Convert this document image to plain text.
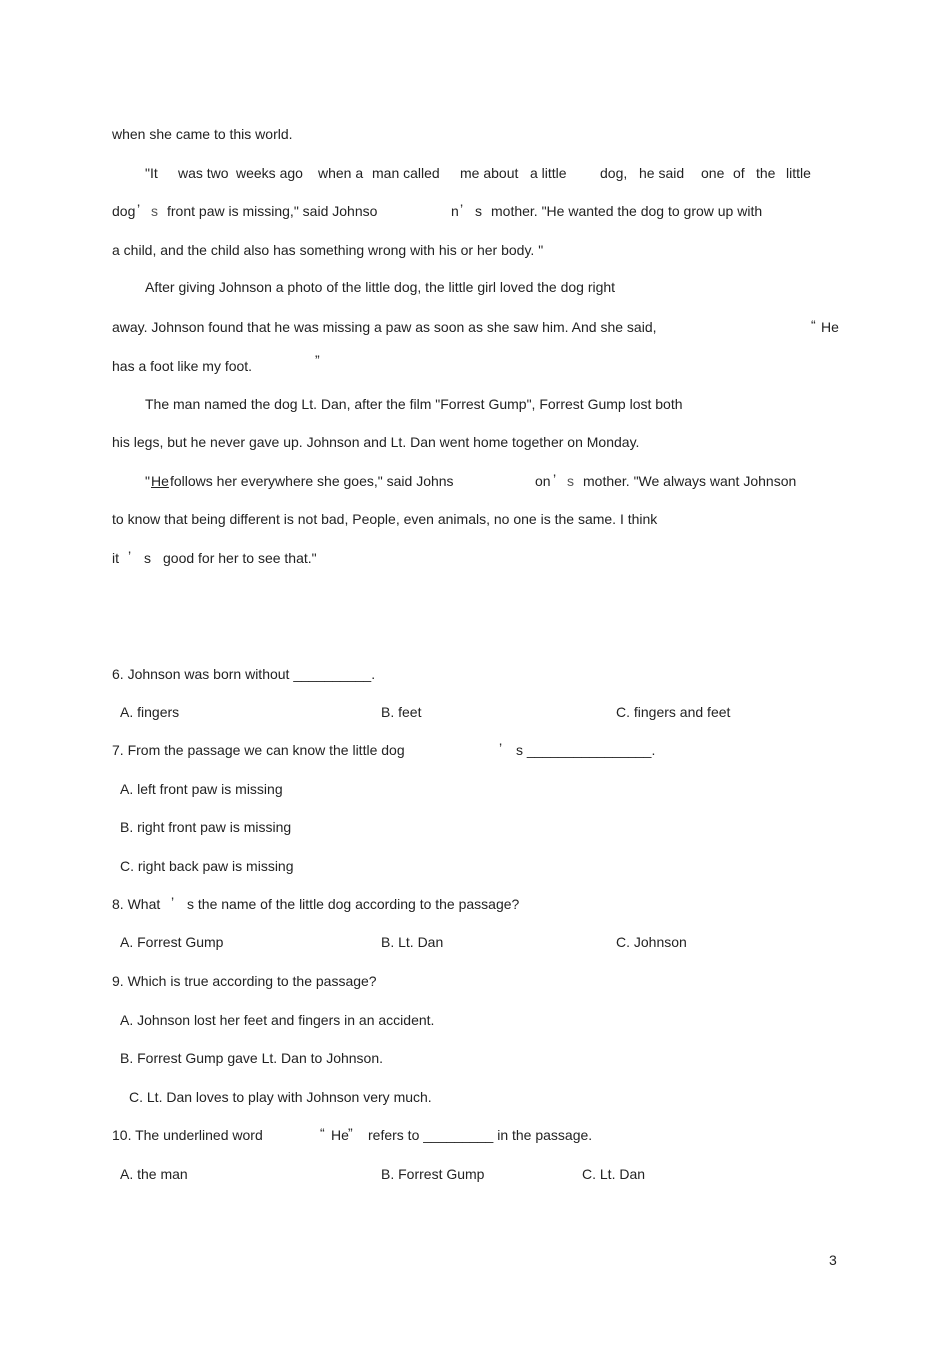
when she came to this world.
"It was two weeks ago when a man called me about a little dog, he said one of the little
dog ’ s front paw is missing," said Johnso	n ’ s mother. "He wanted the dog to grow up with
a child, and the child also has something wrong with his or her body. "
After giving Johnson a photo of the little dog, the little girl loved the dog right
away. Johnson found that he was missing a paw as soon as she saw him. And she said,	“ He
has a foot like my foot.	”
The man named the dog Lt. Dan, after the film "Forrest Gump", Forrest Gump lost both
his legs, but he never gave up. Johnson and Lt. Dan went home together on Monday.
" He follows her everywhere she goes," said Johns	on ’ s mother. "We always want Johnson
to know that being different is not bad, People, even animals, no one is the same. I think
it ’ s good for her to see that."
6. Johnson was born without __________.
A. fingers	B. feet	C. fingers and feet
7. From the passage we can know the little dog	’ s ________________.
A. left front paw is missing
B. right front paw is missing
C. right back paw is missing
8. What ’ s the name of the little dog according to the passage?
A. Forrest Gump	B. Lt. Dan	C. Johnson
9. Which is true according to the passage?
A. Johnson lost her feet and fingers in an accident.
B. Forrest Gump gave Lt. Dan to Johnson.
C. Lt. Dan loves to play with Johnson very much.
10. The underlined word	“ He ” refers to _________ in the passage.
A. the man	B. Forrest Gump	C. Lt. Dan
3
